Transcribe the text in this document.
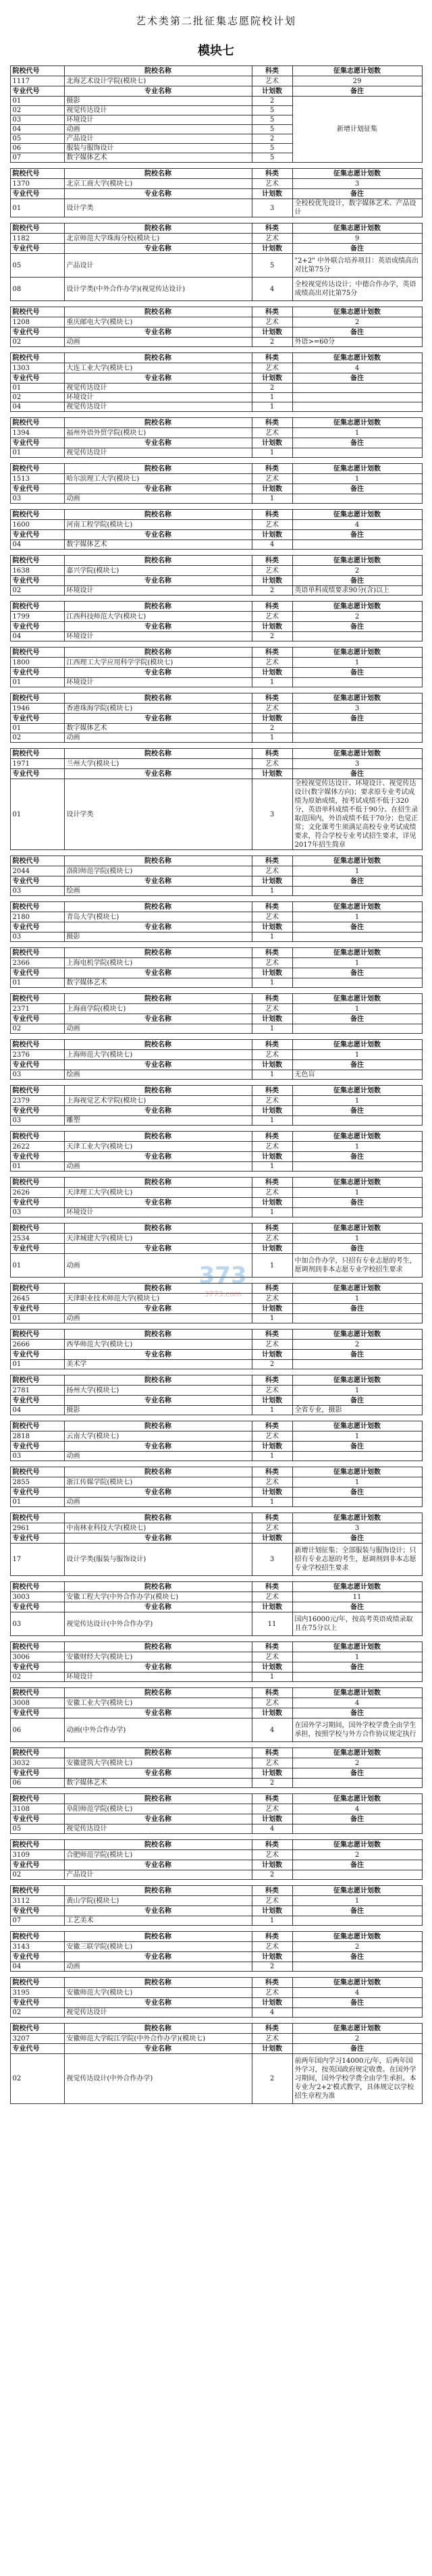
艺术类第二批征集志愿院校计划
模块七
院校代号	院校名称	科类	征集志愿计划数
1117	北海艺术设计学院(模块七)	艺术	29
专业代号	专业名称	计划数	备注
01	摄影	2	新增计划征集
02	视觉传达设计	5	
03	环境设计	5	
04	动画	5	
05	产品设计	2	
06	服装与服饰设计	5	
07	数字媒体艺术	5	
院校代号	院校名称	科类	征集志愿计划数
1370	北京工商大学(模块七)	艺术	3
专业代号	专业名称	计划数	备注
01	设计学类	3	全校校优先设计，数字媒体艺术、产品设计
院校代号	院校名称	科类	征集志愿计划数
1182	北京师范大学珠海分校(模块七)	艺术	9
专业代号	专业名称	计划数	备注
05	产品设计	5	"2+2" 中外联合培养项目：英语成绩高出对比第75分
08	设计学类(中外合作办学)(视觉传达设计)	4	全校视觉传达设计；中德合作办学，英语成绩高出对比第75分
院校代号	院校名称	科类	征集志愿计划数
1208	重庆邮电大学(模块七)	艺术	2
专业代号	专业名称	计划数	备注
02	动画	2	外语>=60分
院校代号	院校名称	科类	征集志愿计划数
1303	大连工业大学(模块七)	艺术	4
专业代号	专业名称	计划数	备注
01	视觉传达设计	2	
02	环境设计	1	
04	视觉传达设计	1	
院校代号	院校名称	科类	征集志愿计划数
1394	福州外语外贸学院(模块七)	艺术	1
专业代号	专业名称	计划数	备注
01	视觉传达设计	1	
院校代号	院校名称	科类	征集志愿计划数
1513	哈尔滨理工大学(模块七)	艺术	1
专业代号	专业名称	计划数	备注
03	动画	1	
院校代号	院校名称	科类	征集志愿计划数
1600	河南工程学院(模块七)	艺术	4
专业代号	专业名称	计划数	备注
04	数字媒体艺术	4	
院校代号	院校名称	科类	征集志愿计划数
1638	嘉兴学院(模块七)	艺术	2
专业代号	专业名称	计划数	备注
02	环境设计	2	英语单科成绩要求90分(含)以上
院校代号	院校名称	科类	征集志愿计划数
1799	江西科技师范大学(模块七)	艺术	2
专业代号	专业名称	计划数	备注
04	环境设计	2	
院校代号	院校名称	科类	征集志愿计划数
1800	江西理工大学应用科学学院(模块七)	艺术	1
专业代号	专业名称	计划数	备注
01	环境设计	1	
院校代号	院校名称	科类	征集志愿计划数
1946	香港珠海学院(模块七)	艺术	3
专业代号	专业名称	计划数	备注
01	数字媒体艺术	2	
02	动画	1	
院校代号	院校名称	科类	征集志愿计划数
1971	兰州大学(模块七)	艺术	3
专业代号	专业名称	计划数	备注
01	设计学类	3	全校视觉传达设计、环境设计、视觉传达设计(数字媒体方向)；要求原专业考试成绩为原始成绩，按考试成绩不低于320分，英语单科成绩不低于90分。在招生录取范围内，外语成绩不低于70分；色觉正常；文化课考生须满足高校专业考试成绩要求，符合学校专业考试招生要求，详见2017年招生简章
院校代号	院校名称	科类	征集志愿计划数
2044	洛阳师范学院(模块七)	艺术	1
专业代号	专业名称	计划数	备注
03	绘画	1	
院校代号	院校名称	科类	征集志愿计划数
2180	青岛大学(模块七)	艺术	1
专业代号	专业名称	计划数	备注
03	摄影	1	
院校代号	院校名称	科类	征集志愿计划数
2366	上海电机学院(模块七)	艺术	1
专业代号	专业名称	计划数	备注
01	数字媒体艺术	1	
院校代号	院校名称	科类	征集志愿计划数
2371	上海商学院(模块七)	艺术	1
专业代号	专业名称	计划数	备注
02	动画	1	
院校代号	院校名称	科类	征集志愿计划数
2376	上海师范大学(模块七)	艺术	1
专业代号	专业名称	计划数	备注
03	绘画	1	无色盲
院校代号	院校名称	科类	征集志愿计划数
2379	上海视觉艺术学院(模块七)	艺术	1
专业代号	专业名称	计划数	备注
03	雕塑	1	
院校代号	院校名称	科类	征集志愿计划数
2622	天津工业大学(模块七)	艺术	1
专业代号	专业名称	计划数	备注
01	动画	1	
院校代号	院校名称	科类	征集志愿计划数
2626	天津理工大学(模块七)	艺术	1
专业代号	专业名称	计划数	备注
03	环境设计	1	
院校代号	院校名称	科类	征集志愿计划数
2534	天津城建大学(模块七)	艺术	1
专业代号	专业名称	计划数	备注
01	动画	1	中加合作办学，只招有专业志愿的考生，愿调剂到非本志愿专业学校招生要求
院校代号	院校名称	科类	征集志愿计划数
2645	天津职业技术师范大学(模块七)	艺术	1
专业代号	专业名称	计划数	备注
01	动画	1	
院校代号	院校名称	科类	征集志愿计划数
2666	西华师范大学(模块七)	艺术	2
专业代号	专业名称	计划数	备注
01	美术学	2	
院校代号	院校名称	科类	征集志愿计划数
2781	扬州大学(模块七)	艺术	1
专业代号	专业名称	计划数	备注
04	摄影	1	全省专业，摄影
院校代号	院校名称	科类	征集志愿计划数
2818	云南大学(模块七)	艺术	1
专业代号	专业名称	计划数	备注
03	动画	1	
院校代号	院校名称	科类	征集志愿计划数
2855	浙江传媒学院(模块七)	艺术	1
专业代号	专业名称	计划数	备注
01	动画	1	
院校代号	院校名称	科类	征集志愿计划数
2961	中南林业科技大学(模块七)	艺术	3
专业代号	专业名称	计划数	备注
17	设计学类(服装与服饰设计)	3	新增计划征集；全部服装与服饰设计；只招有专业志愿的考生，愿调剂到非本志愿专业学校招生要求
院校代号	院校名称	科类	征集志愿计划数
3003	安徽工程大学(中外合作办学)(模块七)	艺术	11
专业代号	专业名称	计划数	备注
03	视觉传达设计(中外合作办学)	11	国内16000元/年，按高考英语成绩录取且在75分以上
院校代号	院校名称	科类	征集志愿计划数
3006	安徽财经大学(模块七)	艺术	1
专业代号	专业名称	计划数	备注
02	环境设计	1	
院校代号	院校名称	科类	征集志愿计划数
3008	安徽工业大学(模块七)	艺术	4
专业代号	专业名称	计划数	备注
06	动画(中外合作办学)	4	在国外学习期间，国外学校学费全由学生承担，按照学校与外方合作协议规定执行
院校代号	院校名称	科类	征集志愿计划数
3032	安徽建筑大学(模块七)	艺术	2
专业代号	专业名称	计划数	备注
06	数字媒体艺术	2	
院校代号	院校名称	科类	征集志愿计划数
3108	阜阳师范学院(模块七)	艺术	4
专业代号	专业名称	计划数	备注
05	视觉传达设计	4	
院校代号	院校名称	科类	征集志愿计划数
3109	合肥师范学院(模块七)	艺术	2
专业代号	专业名称	计划数	备注
02	产品设计	2	
院校代号	院校名称	科类	征集志愿计划数
3112	黄山学院(模块七)	艺术	1
专业代号	专业名称	计划数	备注
07	工艺美术	1	
院校代号	院校名称	科类	征集志愿计划数
3143	安徽三联学院(模块七)	艺术	2
专业代号	专业名称	计划数	备注
04	动画	2	
院校代号	院校名称	科类	征集志愿计划数
3195	安徽师范大学(模块七)	艺术	4
专业代号	专业名称	计划数	备注
02	视觉传达设计	4	
院校代号	院校名称	科类	征集志愿计划数
3207	安徽师范大学皖江学院(中外合作办学)(模块七)	艺术	2
专业代号	专业名称	计划数	备注
02	视觉传达设计(中外合作办学)	2	前两年国内学习14000元/年，后两年国外学习，按英国政府规定收费。在国外学习期间，国外学校学费全由学生承担。本专业为'2+2'模式教学，具体规定以学校招生章程为准
373
3773.com
